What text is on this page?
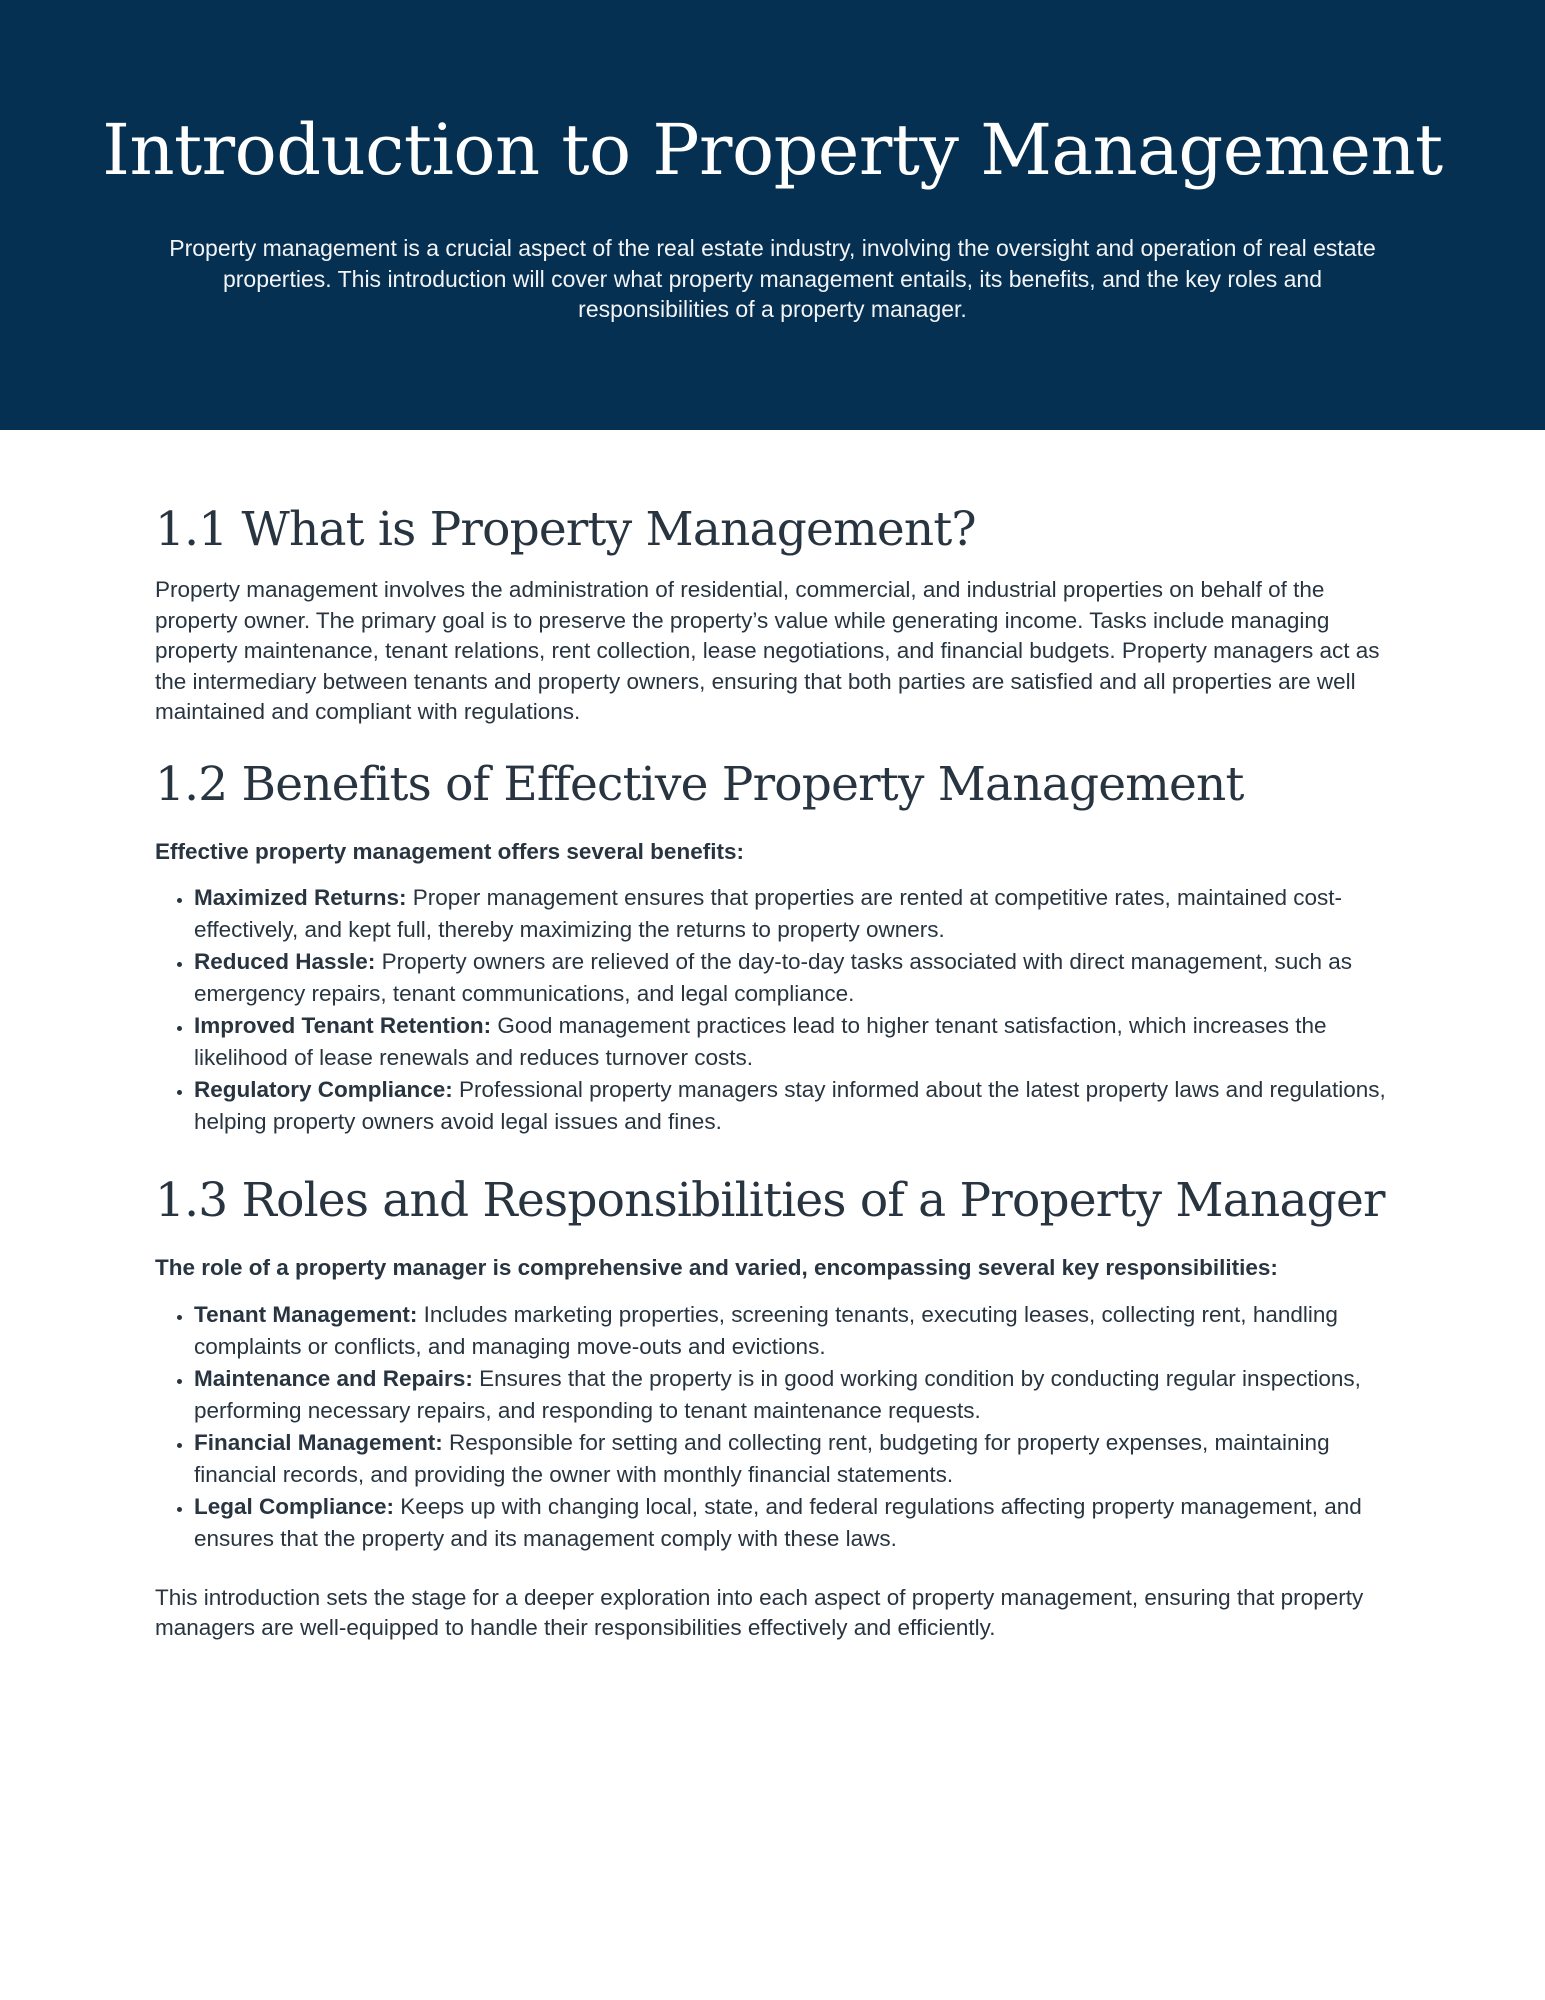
Introduction to Property Management

Property management is a crucial aspect of the real estate industry, involving the oversight and operation of real estate properties. This introduction will cover what property management entails, its benefits, and the key roles and responsibilities of a property manager.

1.1 What is Property Management?

Property management involves the administration of residential, commercial, and industrial properties on behalf of the property owner. The primary goal is to preserve the property’s value while generating income. Tasks include managing property maintenance, tenant relations, rent collection, lease negotiations, and financial budgets. Property managers act as the intermediary between tenants and property owners, ensuring that both parties are satisfied and all properties are well maintained and compliant with regulations.

1.2 Benefits of Effective Property Management

Effective property management offers several benefits:

• Maximized Returns: Proper management ensures that properties are rented at competitive rates, maintained cost-effectively, and kept full, thereby maximizing the returns to property owners.
• Reduced Hassle: Property owners are relieved of the day-to-day tasks associated with direct management, such as emergency repairs, tenant communications, and legal compliance.
• Improved Tenant Retention: Good management practices lead to higher tenant satisfaction, which increases the likelihood of lease renewals and reduces turnover costs.
• Regulatory Compliance: Professional property managers stay informed about the latest property laws and regulations, helping property owners avoid legal issues and fines.
1.3 Roles and Responsibilities of a Property Manager

The role of a property manager is comprehensive and varied, encompassing several key responsibilities:

• Tenant Management: Includes marketing properties, screening tenants, executing leases, collecting rent, handling complaints or conflicts, and managing move-outs and evictions.
• Maintenance and Repairs: Ensures that the property is in good working condition by conducting regular inspections, performing necessary repairs, and responding to tenant maintenance requests.
• Financial Management: Responsible for setting and collecting rent, budgeting for property expenses, maintaining financial records, and providing the owner with monthly financial statements.
• Legal Compliance: Keeps up with changing local, state, and federal regulations affecting property management, and ensures that the property and its management comply with these laws.

This introduction sets the stage for a deeper exploration into each aspect of property management, ensuring that property managers are well-equipped to handle their responsibilities effectively and efficiently.
